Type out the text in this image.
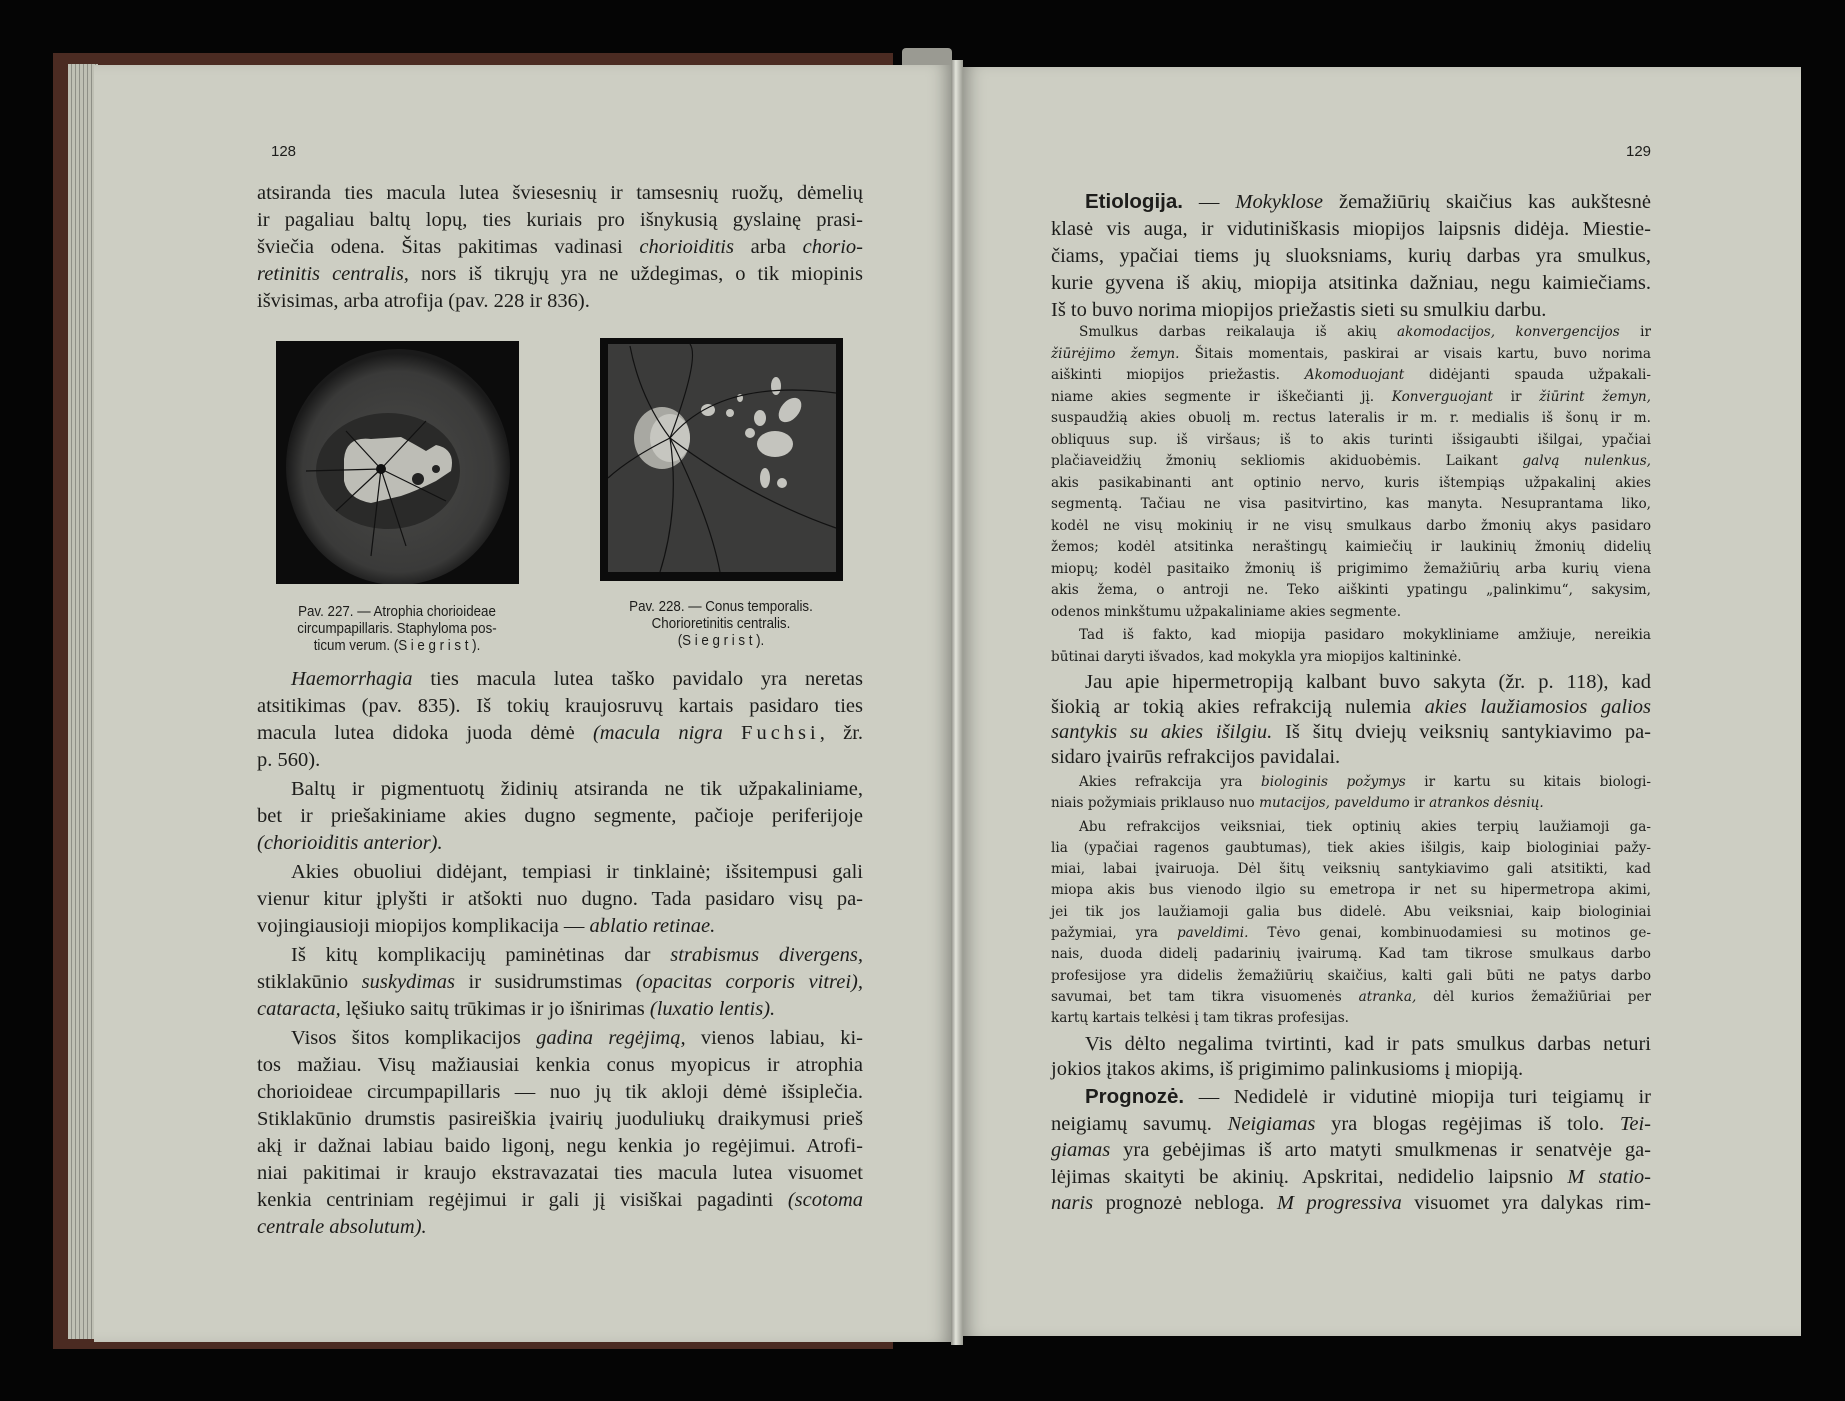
128	129
atsiranda ties macula lutea šviesesnių ir tamsesnių ruožų, dėmelių
ir pagaliau baltų lopų, ties kuriais pro išnykusią gyslainę prasi-
šviečia odena. Šitas pakitimas vadinasi chorioiditis arba chorio-
retinitis centralis, nors iš tikrųjų yra ne uždegimas, o tik miopinis
išvisimas, arba atrofija (pav. 228 ir 836).
Haemorrhagia ties macula lutea taško pavidalo yra neretas
atsitikimas (pav. 835). Iš tokių kraujosruvų kartais pasidaro ties
macula lutea didoka juoda dėmė (macula nigra Fuchsi, žr.
p. 560).
Baltų ir pigmentuotų židinių atsiranda ne tik užpakaliniame,
bet ir priešakiniame akies dugno segmente, pačioje periferijoje
(chorioiditis anterior).
Akies obuoliui didėjant, tempiasi ir tinklainė; išsitempusi gali
vienur kitur įplyšti ir atšokti nuo dugno. Tada pasidaro visų pa-
vojingiausioji miopijos komplikacija — ablatio retinae.
Iš kitų komplikacijų paminėtinas dar strabismus divergens,
stiklakūnio suskydimas ir susidrumstimas (opacitas corporis vitrei),
cataracta, lęšiuko saitų trūkimas ir jo išnirimas (luxatio lentis).
Visos šitos komplikacijos gadina regėjimą, vienos labiau, ki-
tos mažiau. Visų mažiausiai kenkia conus myopicus ir atrophia
chorioideae circumpapillaris — nuo jų tik akloji dėmė išsiplečia.
Stiklakūnio drumstis pasireiškia įvairių juoduliukų draikymusi prieš
akį ir dažnai labiau baido ligonį, negu kenkia jo regėjimui. Atrofi-
niai pakitimai ir kraujo ekstravazatai ties macula lutea visuomet
kenkia centriniam regėjimui ir gali jį visiškai pagadinti (scotoma
centrale absolutum).
Pav. 227. — Atrophia chorioideae
circumpapillaris. Staphyloma pos-
ticum verum. (Siegrist).
Pav. 228. — Conus temporalis.
Chorioretinitis centralis.
(Siegrist).
Etiologija. — Mokyklose žemažiūrių skaičius kas aukštesnė
klasė vis auga, ir vidutiniškasis miopijos laipsnis didėja. Miestie-
čiams, ypačiai tiems jų sluoksniams, kurių darbas yra smulkus,
kurie gyvena iš akių, miopija atsitinka dažniau, negu kaimiečiams.
Iš to buvo norima miopijos priežastis sieti su smulkiu darbu.
Smulkus darbas reikalauja iš akių akomodacijos, konvergencijos ir
žiūrėjimo žemyn. Šitais momentais, paskirai ar visais kartu, buvo norima
aiškinti miopijos priežastis. Akomoduojant didėjanti spauda užpakali-
niame akies segmente ir iškečianti jį. Konverguojant ir žiūrint žemyn,
suspaudžią akies obuolį m. rectus lateralis ir m. r. medialis iš šonų ir m.
obliquus sup. iš viršaus; iš to akis turinti išsigaubti išilgai, ypačiai
plačiaveidžių žmonių sekliomis akiduobėmis. Laikant galvą nulenkus,
akis pasikabinanti ant optinio nervo, kuris ištempiąs užpakalinį akies
segmentą. Tačiau ne visa pasitvirtino, kas manyta. Nesuprantama liko,
kodėl ne visų mokinių ir ne visų smulkaus darbo žmonių akys pasidaro
žemos; kodėl atsitinka neraštingų kaimiečių ir laukinių žmonių didelių
miopų; kodėl pasitaiko žmonių iš prigimimo žemažiūrių arba kurių viena
akis žema, o antroji ne. Teko aiškinti ypatingu „palinkimu“, sakysim,
odenos minkštumu užpakaliniame akies segmente.
Tad iš fakto, kad miopija pasidaro mokykliniame amžiuje, nereikia
būtinai daryti išvados, kad mokykla yra miopijos kaltininkė.
Jau apie hipermetropiją kalbant buvo sakyta (žr. p. 118), kad
šiokią ar tokią akies refrakciją nulemia akies laužiamosios galios
santykis su akies išilgiu. Iš šitų dviejų veiksnių santykiavimo pa-
sidaro įvairūs refrakcijos pavidalai.
Akies refrakcija yra biologinis požymys ir kartu su kitais biologi-
niais požymiais priklauso nuo mutacijos, paveldumo ir atrankos dėsnių.
Abu refrakcijos veiksniai, tiek optinių akies terpių laužiamoji ga-
lia (ypačiai ragenos gaubtumas), tiek akies išilgis, kaip biologiniai pažy-
miai, labai įvairuoja. Dėl šitų veiksnių santykiavimo gali atsitikti, kad
miopa akis bus vienodo ilgio su emetropa ir net su hipermetropa akimi,
jei tik jos laužiamoji galia bus didelė. Abu veiksniai, kaip biologiniai
pažymiai, yra paveldimi. Tėvo genai, kombinuodamiesi su motinos ge-
nais, duoda didelį padarinių įvairumą. Kad tam tikrose smulkaus darbo
profesijose yra didelis žemažiūrių skaičius, kalti gali būti ne patys darbo
savumai, bet tam tikra visuomenės atranka, dėl kurios žemažiūriai per
kartų kartais telkėsi į tam tikras profesijas.
Vis dėlto negalima tvirtinti, kad ir pats smulkus darbas neturi
jokios įtakos akims, iš prigimimo palinkusioms į miopiją.
Prognozė. — Nedidelė ir vidutinė miopija turi teigiamų ir
neigiamų savumų. Neigiamas yra blogas regėjimas iš tolo. Tei-
giamas yra gebėjimas iš arto matyti smulkmenas ir senatvėje ga-
lėjimas skaityti be akinių. Apskritai, nedidelio laipsnio M statio-
naris prognozė nebloga. M progressiva visuomet yra dalykas rim-
